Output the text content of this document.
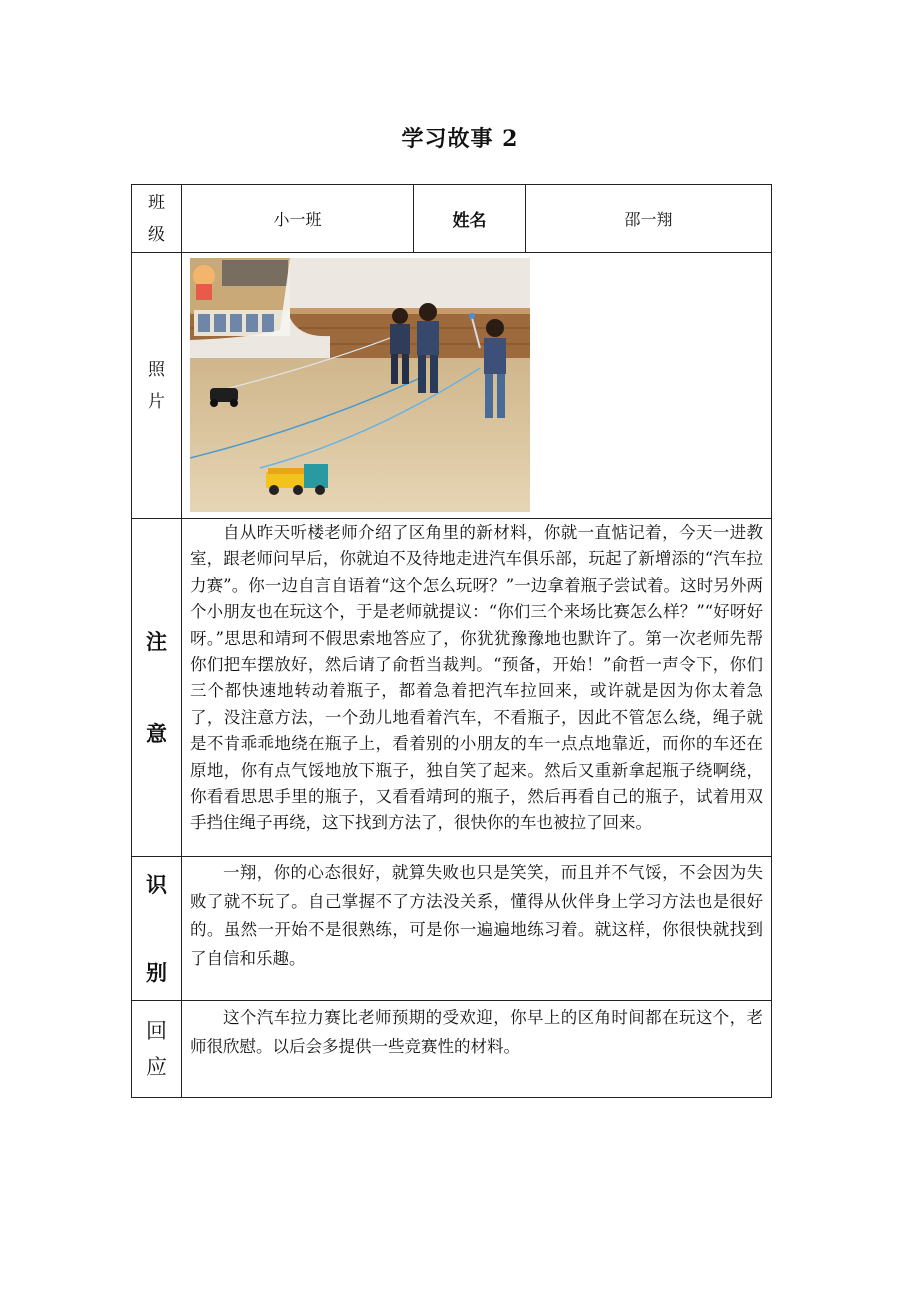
学习故事 2
班
级	小一班	姓名	邵一翔

照
片

注
意	自从昨天听楼老师介绍了区角里的新材料，你就一直惦记着，今天一进教室，跟老师问早后，你就迫不及待地走进汽车俱乐部，玩起了新增添的“汽车拉力赛”。你一边自言自语着“这个怎么玩呀？”一边拿着瓶子尝试着。这时另外两个小朋友也在玩这个，于是老师就提议：“你们三个来场比赛怎么样？”“好呀好呀。”思思和靖珂不假思索地答应了，你犹犹豫豫地也默许了。第一次老师先帮你们把车摆放好，然后请了俞哲当裁判。“预备，开始！”俞哲一声令下，你们三个都快速地转动着瓶子，都着急着把汽车拉回来，或许就是因为你太着急了，没注意方法，一个劲儿地看着汽车，不看瓶子，因此不管怎么绕，绳子就是不肯乖乖地绕在瓶子上，看着别的小朋友的车一点点地靠近，而你的车还在原地，你有点气馁地放下瓶子，独自笑了起来。然后又重新拿起瓶子绕啊绕，你看看思思手里的瓶子，又看看靖珂的瓶子，然后再看自己的瓶子，试着用双手挡住绳子再绕，这下找到方法了，很快你的车也被拉了回来。		

识
别	一翔，你的心态很好，就算失败也只是笑笑，而且并不气馁，不会因为失败了就不玩了。自己掌握不了方法没关系，懂得从伙伴身上学习方法也是很好的。虽然一开始不是很熟练，可是你一遍遍地练习着。就这样，你很快就找到了自信和乐趣。		

回
应	这个汽车拉力赛比老师预期的受欢迎，你早上的区角时间都在玩这个，老师很欣慰。以后会多提供一些竞赛性的材料。		
